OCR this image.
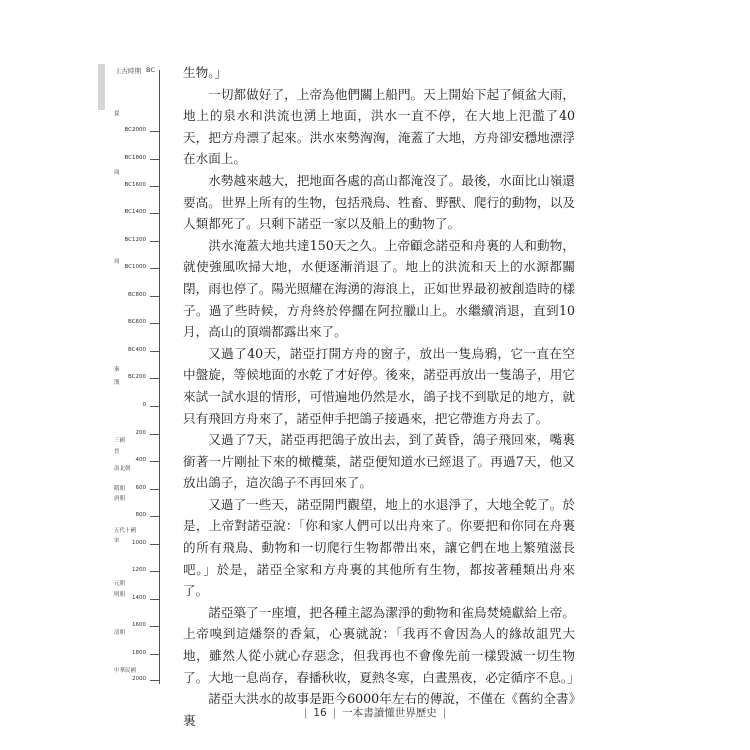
上古時期 BC
BC2000
BC1800
BC1600
BC1400
BC1200
BC1000
BC800
BC600
BC400
BC200
0
200
400
600
800
1000
1200
1400
1600
1800
2000
夏
商
周
秦
漢
三國
晉
南北朝
隋朝
唐朝
五代十國
宋
元朝
明朝
清朝
中華民國

生物。」

一切都做好了，上帝為他們關上船門。天上開始下起了傾盆大雨，地上的泉水和洪流也湧上地面，洪水一直不停，在大地上氾濫了40天，把方舟漂了起來。洪水來勢洶洶，淹蓋了大地，方舟卻安穩地漂浮在水面上。

水勢越來越大，把地面各處的高山都淹沒了。最後，水面比山嶺還要高。世界上所有的生物，包括飛鳥、牲畜、野獸、爬行的動物，以及人類都死了。只剩下諾亞一家以及船上的動物了。

洪水淹蓋大地共達150天之久。上帝顧念諾亞和舟裏的人和動物，就使強風吹掃大地，水便逐漸消退了。地上的洪流和天上的水源都關閉，雨也停了。陽光照耀在海湧的海浪上，正如世界最初被創造時的樣子。過了些時候，方舟終於停擱在阿拉臘山上。水繼續消退，直到10月，高山的頂端都露出來了。

又過了40天，諾亞打開方舟的窗子，放出一隻烏鴉，它一直在空中盤旋，等候地面的水乾了才好停。後來，諾亞再放出一隻鴿子，用它來試一試水退的情形，可惜遍地仍然是水，鴿子找不到歇足的地方，就只有飛回方舟來了，諾亞伸手把鴿子接過來，把它帶進方舟去了。

又過了7天，諾亞再把鴿子放出去，到了黃昏，鴿子飛回來，嘴裏銜著一片剛扯下來的橄欖葉，諾亞便知道水已經退了。再過7天，他又放出鴿子，這次鴿子不再回來了。

又過了一些天，諾亞開門觀望，地上的水退淨了，大地全乾了。於是，上帝對諾亞說：「你和家人們可以出舟來了。你要把和你同在舟裏的所有飛鳥、動物和一切爬行生物都帶出來，讓它們在地上繁殖滋長吧。」於是，諾亞全家和方舟裏的其他所有生物，都按著種類出舟來了。

諾亞築了一座壇，把各種主認為潔淨的動物和雀鳥焚燒獻給上帝。上帝嗅到這燔祭的香氣，心裏就說：「我再不會因為人的緣故詛咒大地，雖然人從小就心存惡念，但我再也不會像先前一樣毀滅一切生物了。大地一息尚存，春播秋收，夏熱冬寒，白晝黑夜，必定循序不息。」

諾亞大洪水的故事是距今6000年左右的傳說，不僅在《舊約全書》裏	| 16 | 一本書讀懂世界歷史 |
